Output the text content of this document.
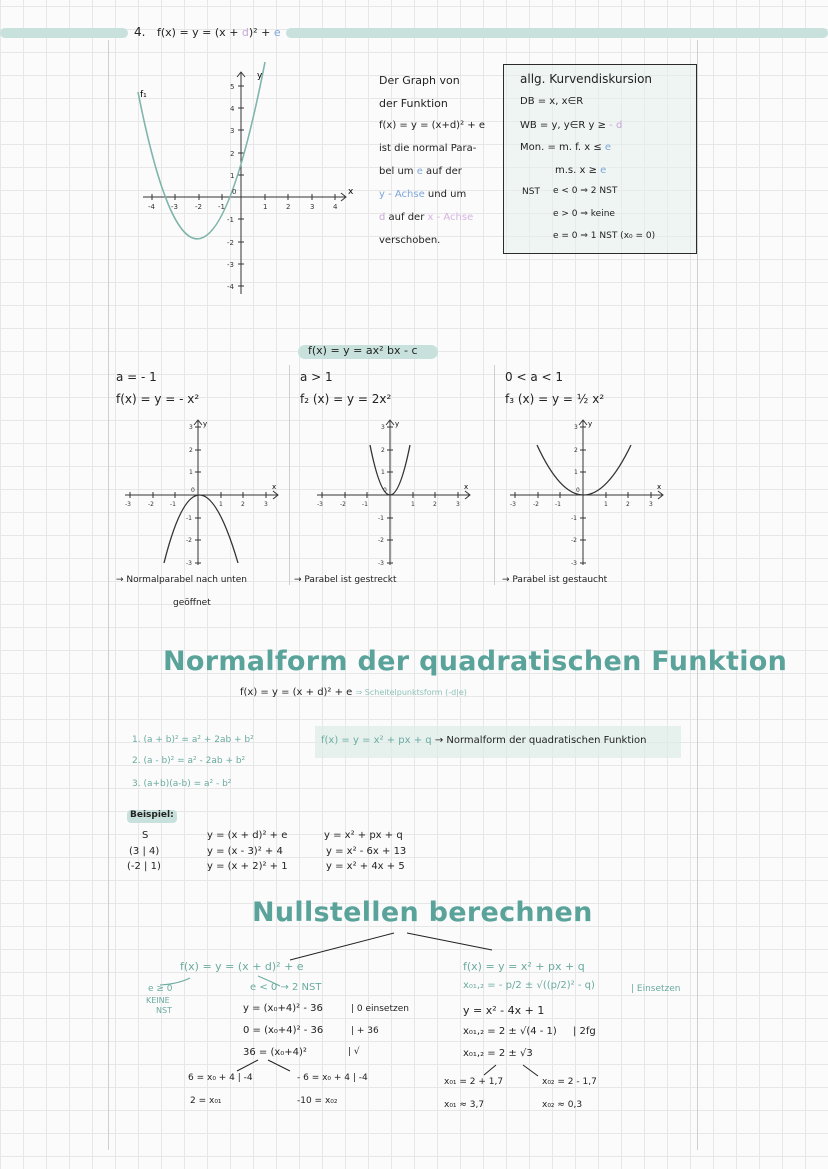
4. f(x) = y = (x + d)² + e
-4 -3 -2 -1
0
1	2	3	4
5
4
3
2
1
-1
-2
-3
-4
x
y
f₁
Der Graph von
der Funktion
f(x) = y = (x+d)² + e
ist die normal Para-
bel um e auf der
y - Achse und um
d auf der x - Achse
verschoben.
allg. Kurvendiskursion
DB = x, x∈R
WB = y, y∈R y ≥ - d
Mon. = m. f. x ≤ e
m.s. x ≥ e
NST e < 0 ⇒ 2 NST
e > 0 ⇒ keine
e = 0 ⇒ 1 NST (x₀ = 0)
f(x) = y = ax² bx - c
a = - 1
f(x) = y = - x²
a > 1
f₂ (x) = y = 2x²
0 < a < 1
f₃ (x) = y = ½ x²
-3	-2	-1
0
1	2	3
3
2
1
-1
-2
-3
x
y
-3	-2	-1
0
1	2	3
3
2
1
-1
-2
-3
x
y
-3	-2	-1
0
1	2	3
3
2
1
-1
-2
-3
x
y
→ Normalparabel nach unten
geöffnet
→ Parabel ist gestreckt	→ Parabel ist gestaucht
Normalform der quadratischen Funktion
f(x) = y = (x + d)² + e ⇒ Scheitelpunktsform (-d|e)
1. (a + b)² = a² + 2ab + b²
2. (a - b)² = a² - 2ab + b²
3. (a+b)(a-b) = a² - b²
f(x) = y = x² + px + q → Normalform der quadratischen Funktion
Beispiel:
S	y = (x + d)² + e	y = x² + px + q
(3 | 4)	y = (x - 3)² + 4	y = x² - 6x + 13
(-2 | 1)	y = (x + 2)² + 1	y = x² + 4x + 5
Nullstellen berechnen
f(x) = y = (x + d)² + e
e ≥ 0
KEINE
NST
e < 0 → 2 NST
y = (x₀+4)² - 36	| 0 einsetzen
0 = (x₀+4)² - 36	| + 36
36 = (x₀+4)²	| √
6 = x₀ + 4 | -4	- 6 = x₀ + 4 | -4
2 = x₀₁	-10 = x₀₂
f(x) = y = x² + px + q
x₀₁,₂ = - p/2 ± √((p/2)² - q)	| Einsetzen
y = x² - 4x + 1
x₀₁,₂ = 2 ± √(4 - 1) | 2fg
x₀₁,₂ = 2 ± √3
x₀₁ = 2 + 1,7	x₀₂ = 2 - 1,7
x₀₁ ≈ 3,7	x₀₂ ≈ 0,3
